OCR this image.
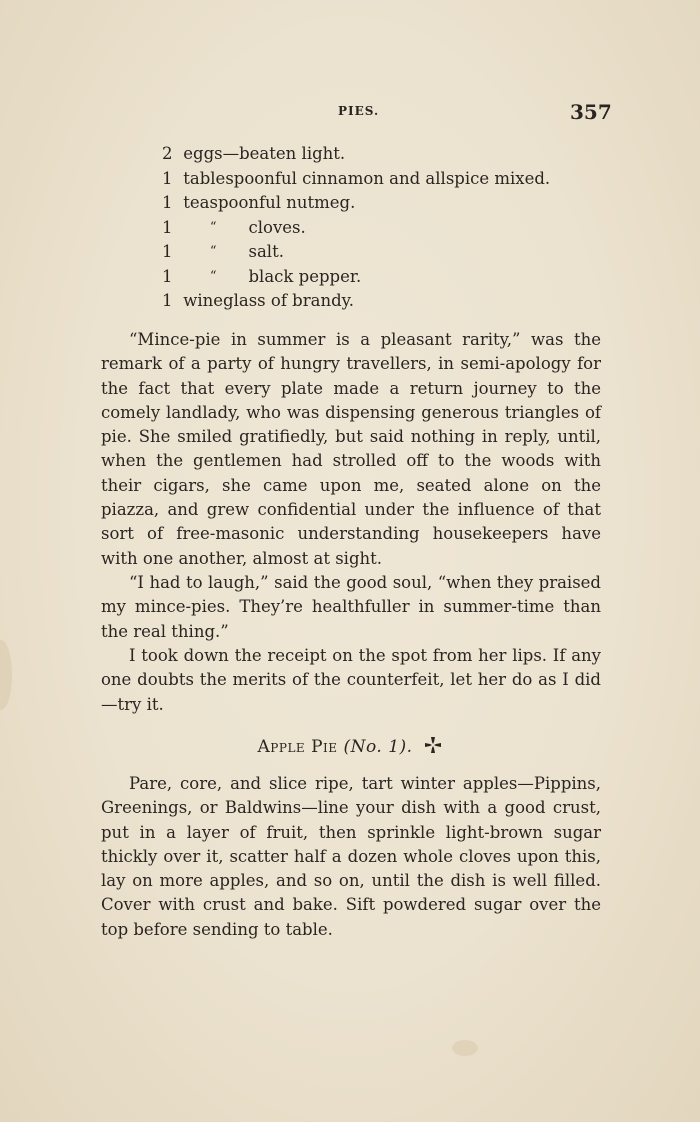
PIES.	357
2 eggs—beaten light.
1 tablespoonful cinnamon and allspice mixed.
1 teaspoonful nutmeg.
1	“ cloves.
1	“ salt.
1	“ black pepper.
1 wineglass of brandy.

“Mince-pie in summer is a pleasant rarity,” was the remark of a party of hungry travellers, in semi-apology for the fact that every plate made a return journey to the comely landlady, who was dispensing generous triangles of pie. She smiled gratifiedly, but said nothing in reply, until, when the gentlemen had strolled off to the woods with their cigars, she came upon me, seated alone on the piazza, and grew confidential under the influence of that sort of free-masonic understanding housekeepers have with one another, almost at sight.

“I had to laugh,” said the good soul, “when they praised my mince-pies. They’re healthfuller in summer-time than the real thing.”

I took down the receipt on the spot from her lips. If any one doubts the merits of the counterfeit, let her do as I did—try it.

Apple Pie (No. 1).

Pare, core, and slice ripe, tart winter apples—Pippins, Greenings, or Baldwins—line your dish with a good crust, put in a layer of fruit, then sprinkle light-brown sugar thickly over it, scatter half a dozen whole cloves upon this, lay on more apples, and so on, until the dish is well filled. Cover with crust and bake. Sift powdered sugar over the top before sending to table.
